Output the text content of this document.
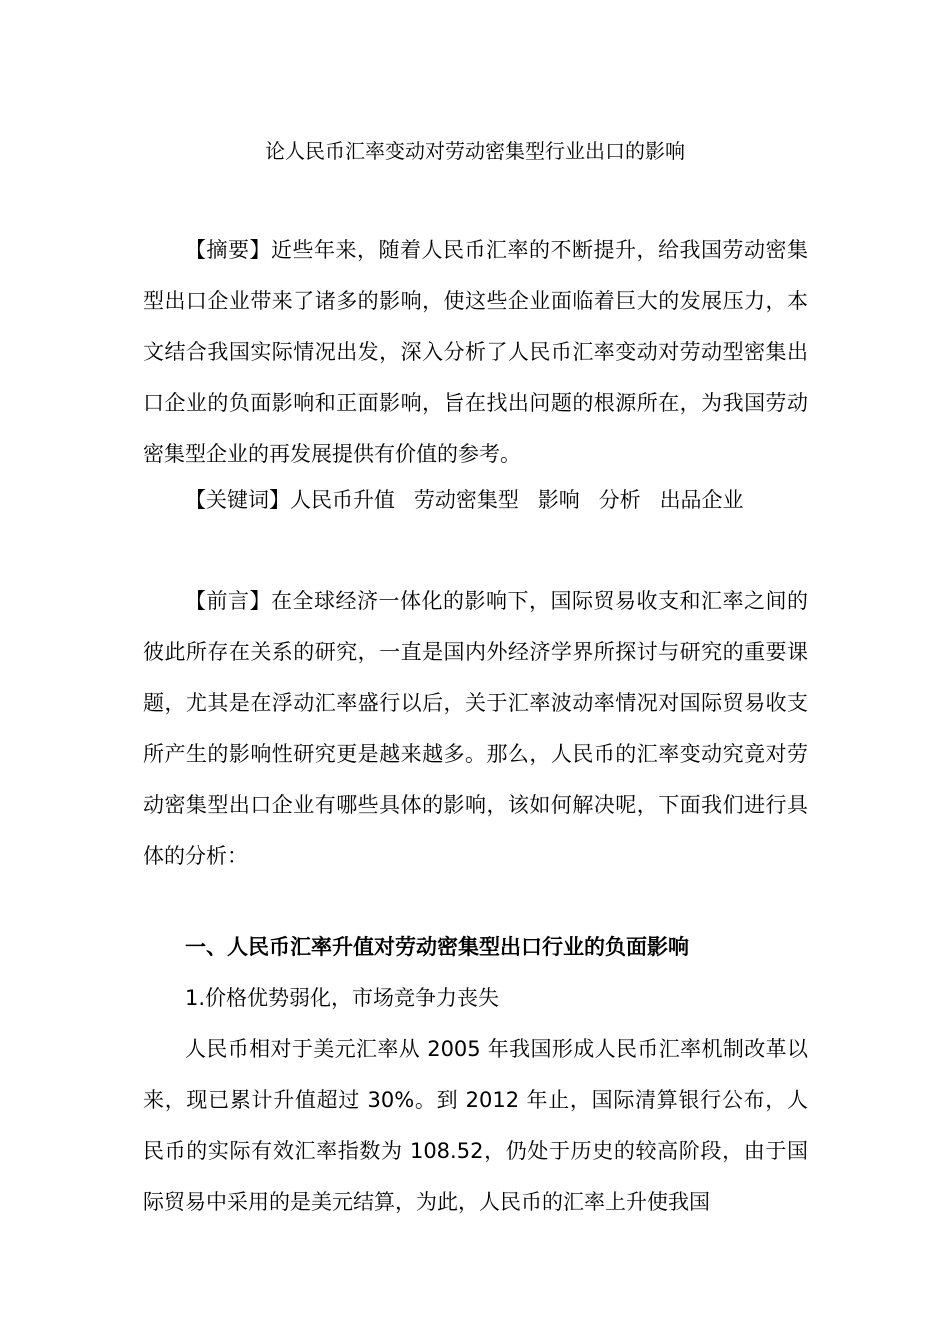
论人民币汇率变动对劳动密集型行业出口的影响

【摘要】近些年来，随着人民币汇率的不断提升，给我国劳动密集型出口企业带来了诸多的影响，使这些企业面临着巨大的发展压力，本文结合我国实际情况出发，深入分析了人民币汇率变动对劳动型密集出口企业的负面影响和正面影响，旨在找出问题的根源所在，为我国劳动密集型企业的再发展提供有价值的参考。

【关键词】人民币升值 劳动密集型 影响 分析 出品企业

【前言】在全球经济一体化的影响下，国际贸易收支和汇率之间的彼此所存在关系的研究，一直是国内外经济学界所探讨与研究的重要课题，尤其是在浮动汇率盛行以后，关于汇率波动率情况对国际贸易收支所产生的影响性研究更是越来越多。那么，人民币的汇率变动究竟对劳动密集型出口企业有哪些具体的影响，该如何解决呢，下面我们进行具体的分析：

一、人民币汇率升值对劳动密集型出口行业的负面影响

1.价格优势弱化，市场竞争力丧失

人民币相对于美元汇率从 2005 年我国形成人民币汇率机制改革以来，现已累计升值超过 30%。到 2012 年止，国际清算银行公布，人民币的实际有效汇率指数为 108.52，仍处于历史的较高阶段，由于国际贸易中采用的是美元结算，为此，人民币的汇率上升使我国
